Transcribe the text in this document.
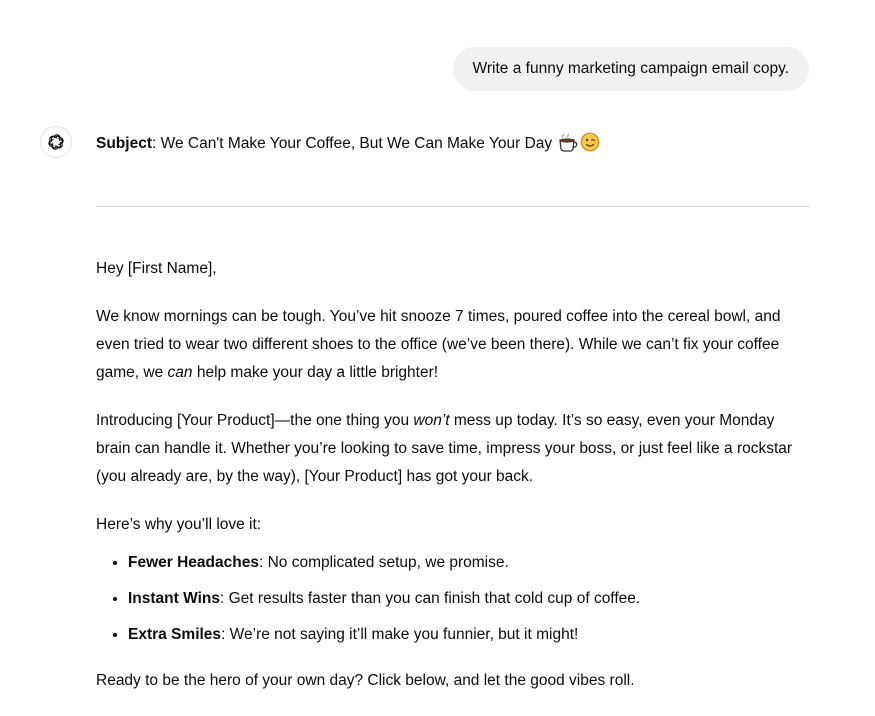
Write a funny marketing campaign email copy.

Subject: We Can't Make Your Coffee, But We Can Make Your Day

Hey [First Name],

We know mornings can be tough. You’ve hit snooze 7 times, poured coffee into the cereal bowl, and even tried to wear two different shoes to the office (we’ve been there). While we can’t fix your coffee game, we can help make your day a little brighter!

Introducing [Your Product]—the one thing you won’t mess up today. It’s so easy, even your Monday brain can handle it. Whether you’re looking to save time, impress your boss, or just feel like a rockstar (you already are, by the way), [Your Product] has got your back.

Here’s why you’ll love it:

• Fewer Headaches: No complicated setup, we promise.
• Instant Wins: Get results faster than you can finish that cold cup of coffee.
• Extra Smiles: We’re not saying it’ll make you funnier, but it might!

Ready to be the hero of your own day? Click below, and let the good vibes roll.
